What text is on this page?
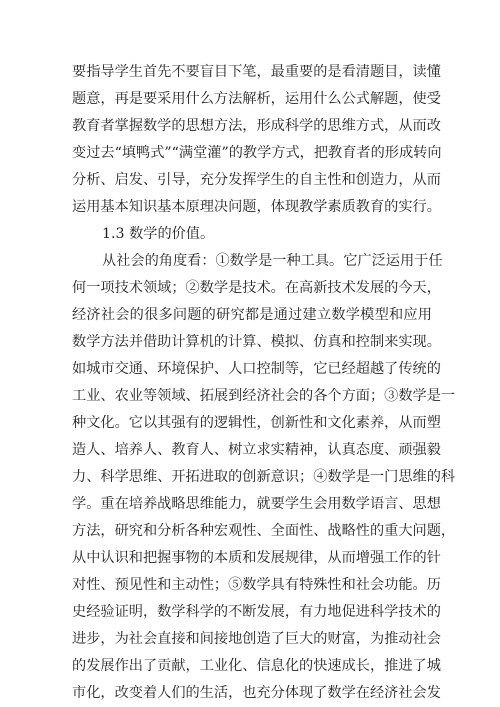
要指导学生首先不要盲目下笔，最重要的是看清题目，读懂
题意，再是要采用什么方法解析，运用什么公式解题，使受
教育者掌握数学的思想方法，形成科学的思维方式，从而改
变过去“填鸭式”“满堂灌”的教学方式，把教育者的形成转向
分析、启发、引导，充分发挥学生的自主性和创造力，从而
运用基本知识基本原理决问题，体现教学素质教育的实行。
1.3 数学的价值。
从社会的角度看：①数学是一种工具。它广泛运用于任
何一项技术领域；②数学是技术。在高新技术发展的今天，
经济社会的很多问题的研究都是通过建立数学模型和应用
数学方法并借助计算机的计算、模拟、仿真和控制来实现。
如城市交通、环境保护、人口控制等，它已经超越了传统的
工业、农业等领域、拓展到经济社会的各个方面；③数学是一
种文化。它以其强有的逻辑性，创新性和文化素养，从而塑
造人、培养人、教育人、树立求实精神，认真态度、顽强毅
力、科学思维、开拓进取的创新意识；④数学是一门思维的科
学。重在培养战略思维能力，就要学生会用数学语言、思想
方法，研究和分析各种宏观性、全面性、战略性的重大问题，
从中认识和把握事物的本质和发展规律，从而增强工作的针
对性、预见性和主动性；⑤数学具有特殊性和社会功能。历
史经验证明，数学科学的不断发展，有力地促进科学技术的
进步，为社会直接和间接地创造了巨大的财富，为推动社会
的发展作出了贡献，工业化、信息化的快速成长，推进了城
市化，改变着人们的生活，也充分体现了数学在经济社会发
